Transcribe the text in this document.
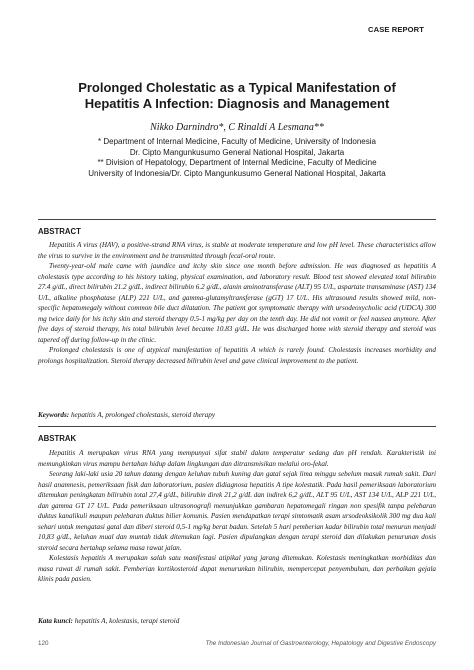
CASE REPORT
Prolonged Cholestatic as a Typical Manifestation of
Hepatitis A Infection: Diagnosis and Management
Nikko Darnindro*, C Rinaldi A Lesmana**
* Department of Internal Medicine, Faculty of Medicine, University of Indonesia
Dr. Cipto Mangunkusumo General National Hospital, Jakarta
** Division of Hepatology, Department of Internal Medicine, Faculty of Medicine
University of Indonesia/Dr. Cipto Mangunkusumo General National Hospital, Jakarta
ABSTRACT

Hepatitis A virus (HAV), a positive-strand RNA virus, is stable at moderate temperature and low pH level. These characteristics allow the virus to survive in the environment and be transmitted through fecal-oral route.

Twenty-year-old male came with jaundice and itchy skin since one month before admission. He was diagnosed as hepatitis A cholestasis type according to his history taking, physical examination, and laboratory result. Blood test showed elevated total bilirubin 27.4 g/dL, direct bilirubin 21.2 g/dL, indirect bilirubin 6.2 g/dL, alanin aminotransferase (ALT) 95 U/L, aspartate transaminase (AST) 134 U/L, alkaline phosphatase (ALP) 221 U/L, and gamma-glutamyltransferase (gGT) 17 U/L. His ultrasound results showed mild, non-specific hepatomegaly without common bile duct dilatation. The patient got symptomatic therapy with ursodeoxycholic acid (UDCA) 300 mg twice daily for his itchy skin and steroid therapy 0.5-1 mg/kg per day on the tenth day. He did not vomit or feel nausea anymore. After five days of steroid therapy, his total bilirubin level became 10.83 g/dL. He was discharged home with steroid therapy and steroid was tapered off during follow-up in the clinic.

Prolonged cholestasis is one of atypical manifestation of hepatitis A which is rarely found. Cholestasis increases morbidity and prolongs hospitalization. Steroid therapy decreased bilirubin level and gave clinical improvement to the patient.

Keywords: hepatitis A, prolonged cholestasis, steroid therapy
ABSTRAK

Hepatitis A merupakan virus RNA yang mempunyai sifat stabil dalam temperatur sedang dan pH rendah. Karakteristik ini memungkinkan virus mampu bertahan hidup dalam lingkungan dan ditransmisikan melalui oro-fekal.

Seorang laki-laki usia 20 tahun datang dengan keluhan tubuh kuning dan gatal sejak lima minggu sebelum masuk rumah sakit. Dari hasil anamnesis, pemeriksaan fisik dan laboratorium, pasien didiagnosa hepatitis A tipe kolestatik. Pada hasil pemeriksaan laboratorium ditemukan peningkatan bilirubin total 27,4 g/dL, bilirubin direk 21,2 g/dL dan indirek 6,2 g/dL, ALT 95 U/L, AST 134 U/L, ALP 221 U/L, dan gamma GT 17 U/L. Pada pemeriksaan ultrasonografi menunjukkan gambaran hepatomegali ringan non spesifik tanpa pelebaran duktus kanalikuli maupun pelebaran duktus bilier komunis. Pasien mendapatkan terapi simtomatik asam ursodeoksikolik 300 mg dua kali sehari untuk mengatasi gatal dan diberi steroid 0,5-1 mg/kg berat badan. Setelah 5 hari pemberian kadar bilirubin total menurun menjadi 10,83 g/dL, keluhan mual dan muntah tidak ditemukan lagi. Pasien dipulangkan dengan terapi steroid dan dilakukan penurunan dosis steroid secara bertahap selama masa rawat jalan.

Kolestasis hepatitis A merupakan salah satu manifestasi atipikal yang jarang ditemukan. Kolestasis meningkatkan morbiditas dan masa rawat di rumah sakit. Pemberian kortikosteroid dapat menurunkan bilirubin, mempercepat penyembuhan, dan perbaikan gejala klinis pada pasien.

Kata kunci: hepatitis A, kolestasis, terapi steroid
120	The Indonesian Journal of Gastroenterology, Hepatology and Digestive Endoscopy
